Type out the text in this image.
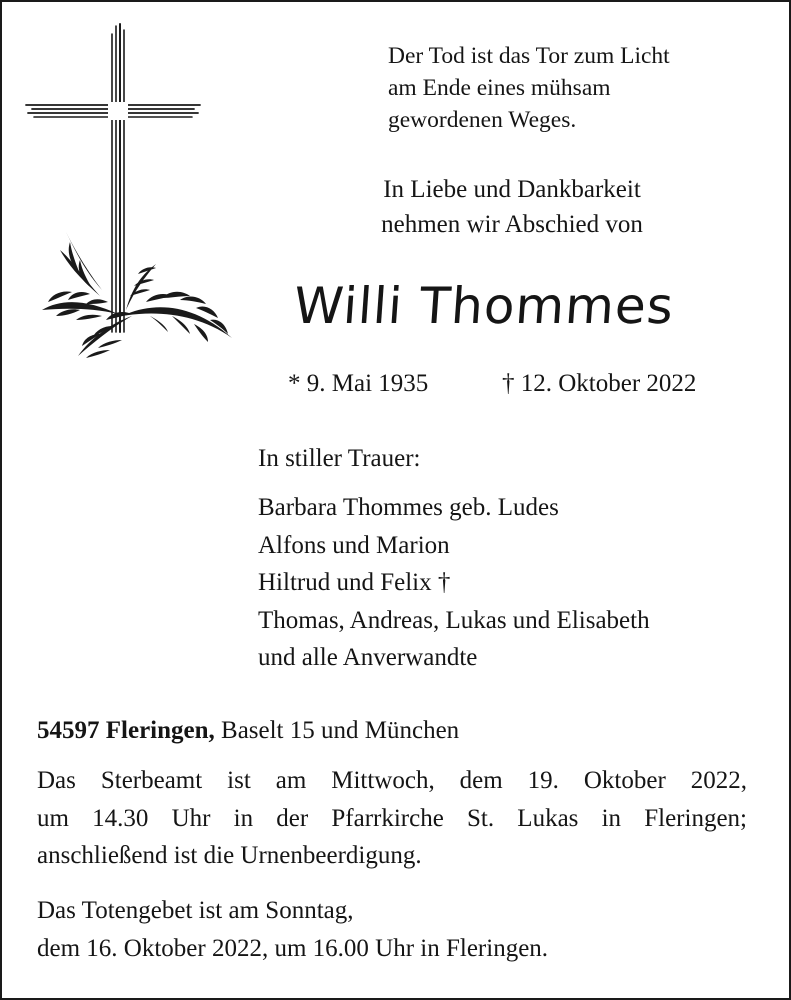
Der Tod ist das Tor zum Licht
am Ende eines mühsam
gewordenen Weges.
In Liebe und Dankbarkeit
nehmen wir Abschied von
Willi Thommes
* 9. Mai 1935	† 12. Oktober 2022
In stiller Trauer:
Barbara Thommes geb. Ludes
Alfons und Marion
Hiltrud und Felix †
Thomas, Andreas, Lukas und Elisabeth
und alle Anverwandte
54597 Fleringen, Baselt 15 und München
Das Sterbeamt ist am Mittwoch, dem 19. Oktober 2022,
um 14.30 Uhr in der Pfarrkirche St. Lukas in Fleringen;
anschließend ist die Urnenbeerdigung.
Das Totengebet ist am Sonntag,
dem 16. Oktober 2022, um 16.00 Uhr in Fleringen.
